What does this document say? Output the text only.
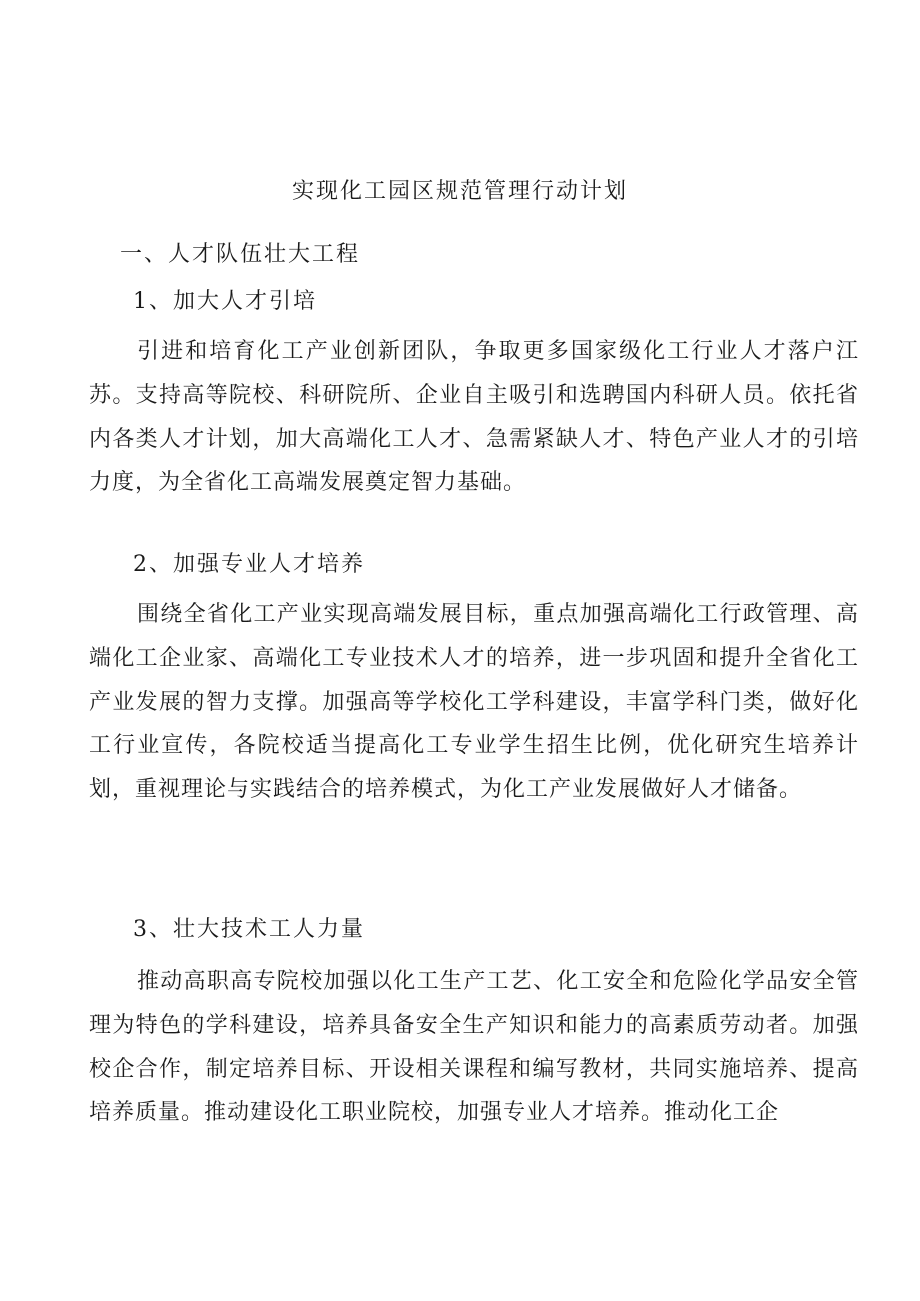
实现化工园区规范管理行动计划
一、人才队伍壮大工程
1、加大人才引培
引进和培育化工产业创新团队，争取更多国家级化工行业人才落户江苏。支持高等院校、科研院所、企业自主吸引和选聘国内科研人员。依托省内各类人才计划，加大高端化工人才、急需紧缺人才、特色产业人才的引培力度，为全省化工高端发展奠定智力基础。
2、加强专业人才培养
围绕全省化工产业实现高端发展目标，重点加强高端化工行政管理、高端化工企业家、高端化工专业技术人才的培养，进一步巩固和提升全省化工产业发展的智力支撑。加强高等学校化工学科建设，丰富学科门类，做好化工行业宣传，各院校适当提高化工专业学生招生比例，优化研究生培养计划，重视理论与实践结合的培养模式，为化工产业发展做好人才储备。
3、壮大技术工人力量
推动高职高专院校加强以化工生产工艺、化工安全和危险化学品安全管理为特色的学科建设，培养具备安全生产知识和能力的高素质劳动者。加强校企合作，制定培养目标、开设相关课程和编写教材，共同实施培养、提高培养质量。推动建设化工职业院校，加强专业人才培养。推动化工企
